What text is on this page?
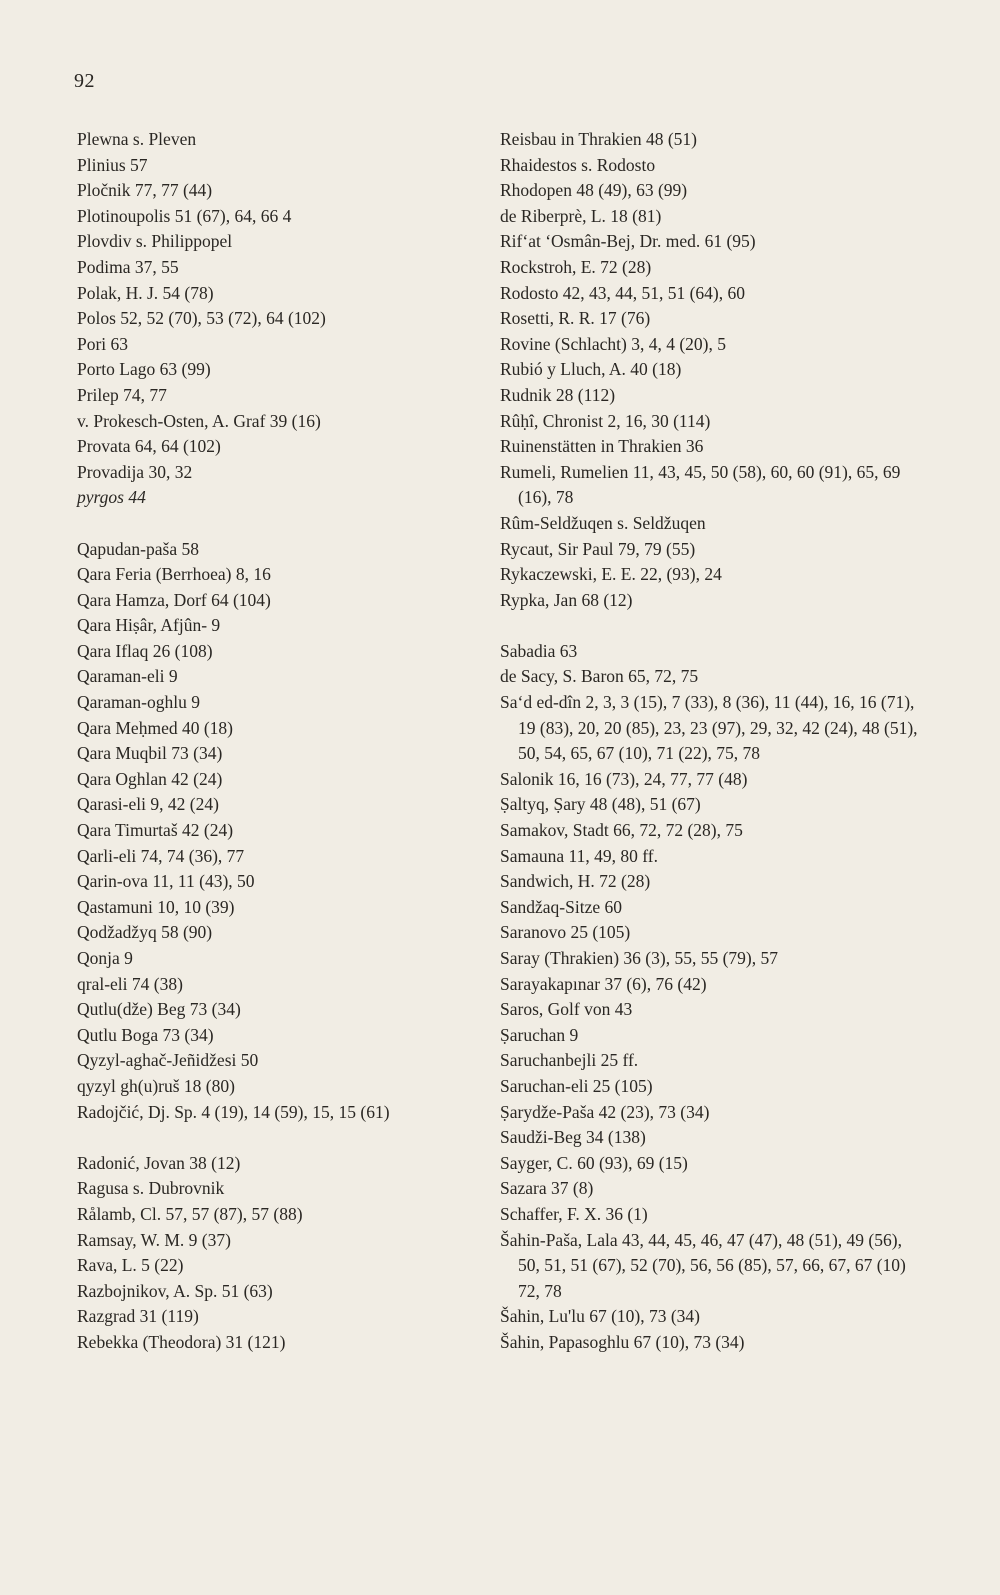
92
Plewna s. Pleven
Plinius 57
Pločnik 77, 77 (44)
Plotinoupolis 51 (67), 64, 66 4
Plovdiv s. Philippopel
Podima 37, 55
Polak, H. J. 54 (78)
Polos 52, 52 (70), 53 (72), 64 (102)
Pori 63
Porto Lago 63 (99)
Prilep 74, 77
v. Prokesch-Osten, A. Graf 39 (16)
Provata 64, 64 (102)
Provadija 30, 32
pyrgos 44
Qapudan-paša 58
Qara Feria (Berrhoea) 8, 16
Qara Hamza, Dorf 64 (104)
Qara Hiṣâr, Afjûn- 9
Qara Iflaq 26 (108)
Qaraman-eli 9
Qaraman-oghlu 9
Qara Meḥmed 40 (18)
Qara Muqbil 73 (34)
Qara Oghlan 42 (24)
Qarasi-eli 9, 42 (24)
Qara Timurtaš 42 (24)
Qarli-eli 74, 74 (36), 77
Qarin-ova 11, 11 (43), 50
Qastamuni 10, 10 (39)
Qodžadžyq 58 (90)
Qonja 9
qral-eli 74 (38)
Qutlu(dže) Beg 73 (34)
Qutlu Boga 73 (34)
Qyzyl-aghač-Jeñidžesi 50
qyzyl gh(u)ruš 18 (80)
Radojčić, Dj. Sp. 4 (19), 14 (59), 15, 15 (61)
Radonić, Jovan 38 (12)
Ragusa s. Dubrovnik
Rålamb, Cl. 57, 57 (87), 57 (88)
Ramsay, W. M. 9 (37)
Rava, L. 5 (22)
Razbojnikov, A. Sp. 51 (63)
Razgrad 31 (119)
Rebekka (Theodora) 31 (121)
Reisbau in Thrakien 48 (51)
Rhaidestos s. Rodosto
Rhodopen 48 (49), 63 (99)
de Riberprè, L. 18 (81)
Rif‘at ‘Osmân-Bej, Dr. med. 61 (95)
Rockstroh, E. 72 (28)
Rodosto 42, 43, 44, 51, 51 (64), 60
Rosetti, R. R. 17 (76)
Rovine (Schlacht) 3, 4, 4 (20), 5
Rubió y Lluch, A. 40 (18)
Rudnik 28 (112)
Rûḥî, Chronist 2, 16, 30 (114)
Ruinenstätten in Thrakien 36
Rumeli, Rumelien 11, 43, 45, 50 (58), 60, 60 (91), 65, 69 (16), 78
Rûm-Seldžuqen s. Seldžuqen
Rycaut, Sir Paul 79, 79 (55)
Rykaczewski, E. E. 22, (93), 24
Rypka, Jan 68 (12)
Sabadia 63
de Sacy, S. Baron 65, 72, 75
Sa‘d ed-dîn 2, 3, 3 (15), 7 (33), 8 (36), 11 (44), 16, 16 (71), 19 (83), 20, 20 (85), 23, 23 (97), 29, 32, 42 (24), 48 (51), 50, 54, 65, 67 (10), 71 (22), 75, 78
Salonik 16, 16 (73), 24, 77, 77 (48)
Ṣaltyq, Ṣary 48 (48), 51 (67)
Samakov, Stadt 66, 72, 72 (28), 75
Samauna 11, 49, 80 ff.
Sandwich, H. 72 (28)
Sandžaq-Sitze 60
Saranovo 25 (105)
Saray (Thrakien) 36 (3), 55, 55 (79), 57
Sarayakapınar 37 (6), 76 (42)
Saros, Golf von 43
Ṣaruchan 9
Saruchanbejli 25 ff.
Saruchan-eli 25 (105)
Ṣarydže-Paša 42 (23), 73 (34)
Saudži-Beg 34 (138)
Sayger, C. 60 (93), 69 (15)
Sazara 37 (8)
Schaffer, F. X. 36 (1)
Šahin-Paša, Lala 43, 44, 45, 46, 47 (47), 48 (51), 49 (56), 50, 51, 51 (67), 52 (70), 56, 56 (85), 57, 66, 67, 67 (10) 72, 78
Šahin, Lu'lu 67 (10), 73 (34)
Šahin, Papasoghlu 67 (10), 73 (34)
